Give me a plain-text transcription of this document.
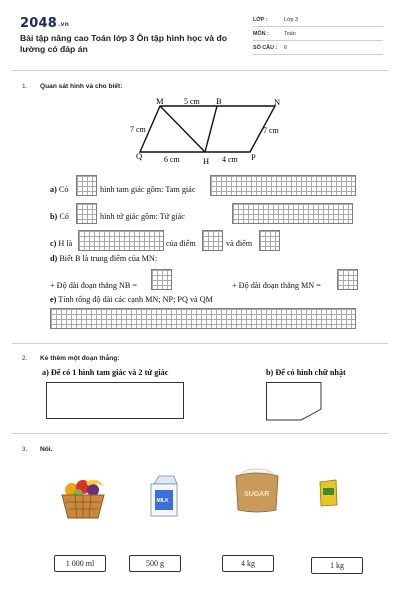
2048.vn
Bài tập nâng cao Toán lớp 3 Ôn tập hình học và đo lường có đáp án
LỚP :	Lớp 3
MÔN :	Toán
SỐ CÂU : 6
1. Quan sát hình và cho biết:
M	B	N
Q	H	P
5 cm
7 cm	7 cm
6 cm	4 cm
a) Có	hình tam giác gồm: Tam giác
b) Có	hình tứ giác gồm: Tứ giác
c) H là	của điểm	và điểm
d) Biết B là trung điểm của MN:
+ Độ dài đoạn thẳng NB =	+ Độ dài đoạn thẳng MN =
e) Tính tổng độ dài các cạnh MN; NP; PQ và QM
2. Kẻ thêm một đoạn thẳng:
a) Để có 1 hình tam giác và 2 tứ giác	b) Để có hình chữ nhật
3. Nối.
MILK
SUGAR
1 000 ml	500 g	4 kg	1 kg
